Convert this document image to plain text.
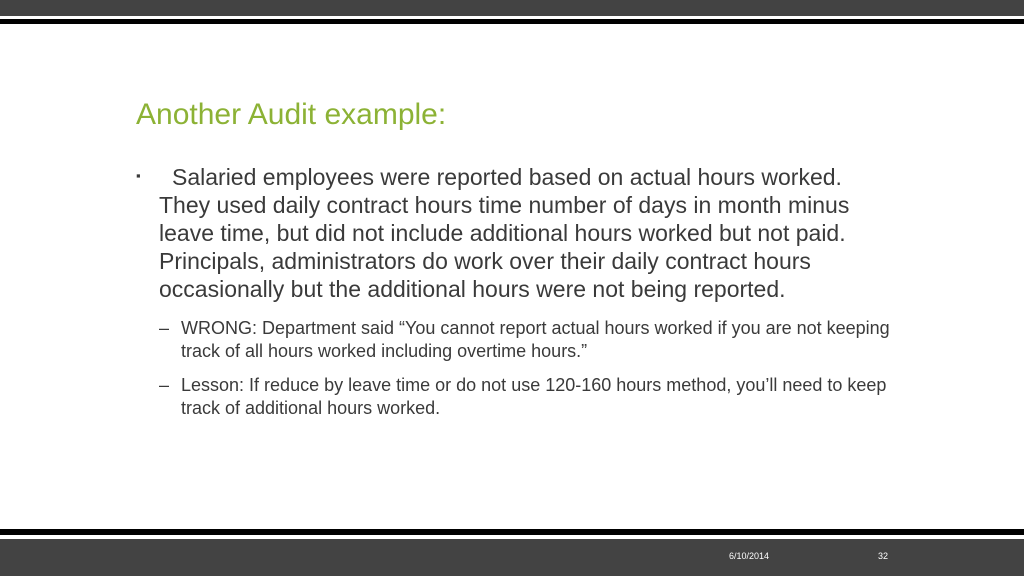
Another Audit example:
▪ Salaried employees were reported based on actual hours worked. They used daily contract hours time number of days in month minus leave time, but did not include additional hours worked but not paid. Principals, administrators do work over their daily contract hours occasionally but the additional hours were not being reported.
– WRONG: Department said “You cannot report actual hours worked if you are not keeping track of all hours worked including overtime hours.”
– Lesson: If reduce by leave time or do not use 120-160 hours method, you’ll need to keep track of additional hours worked.
6/10/2014	32
